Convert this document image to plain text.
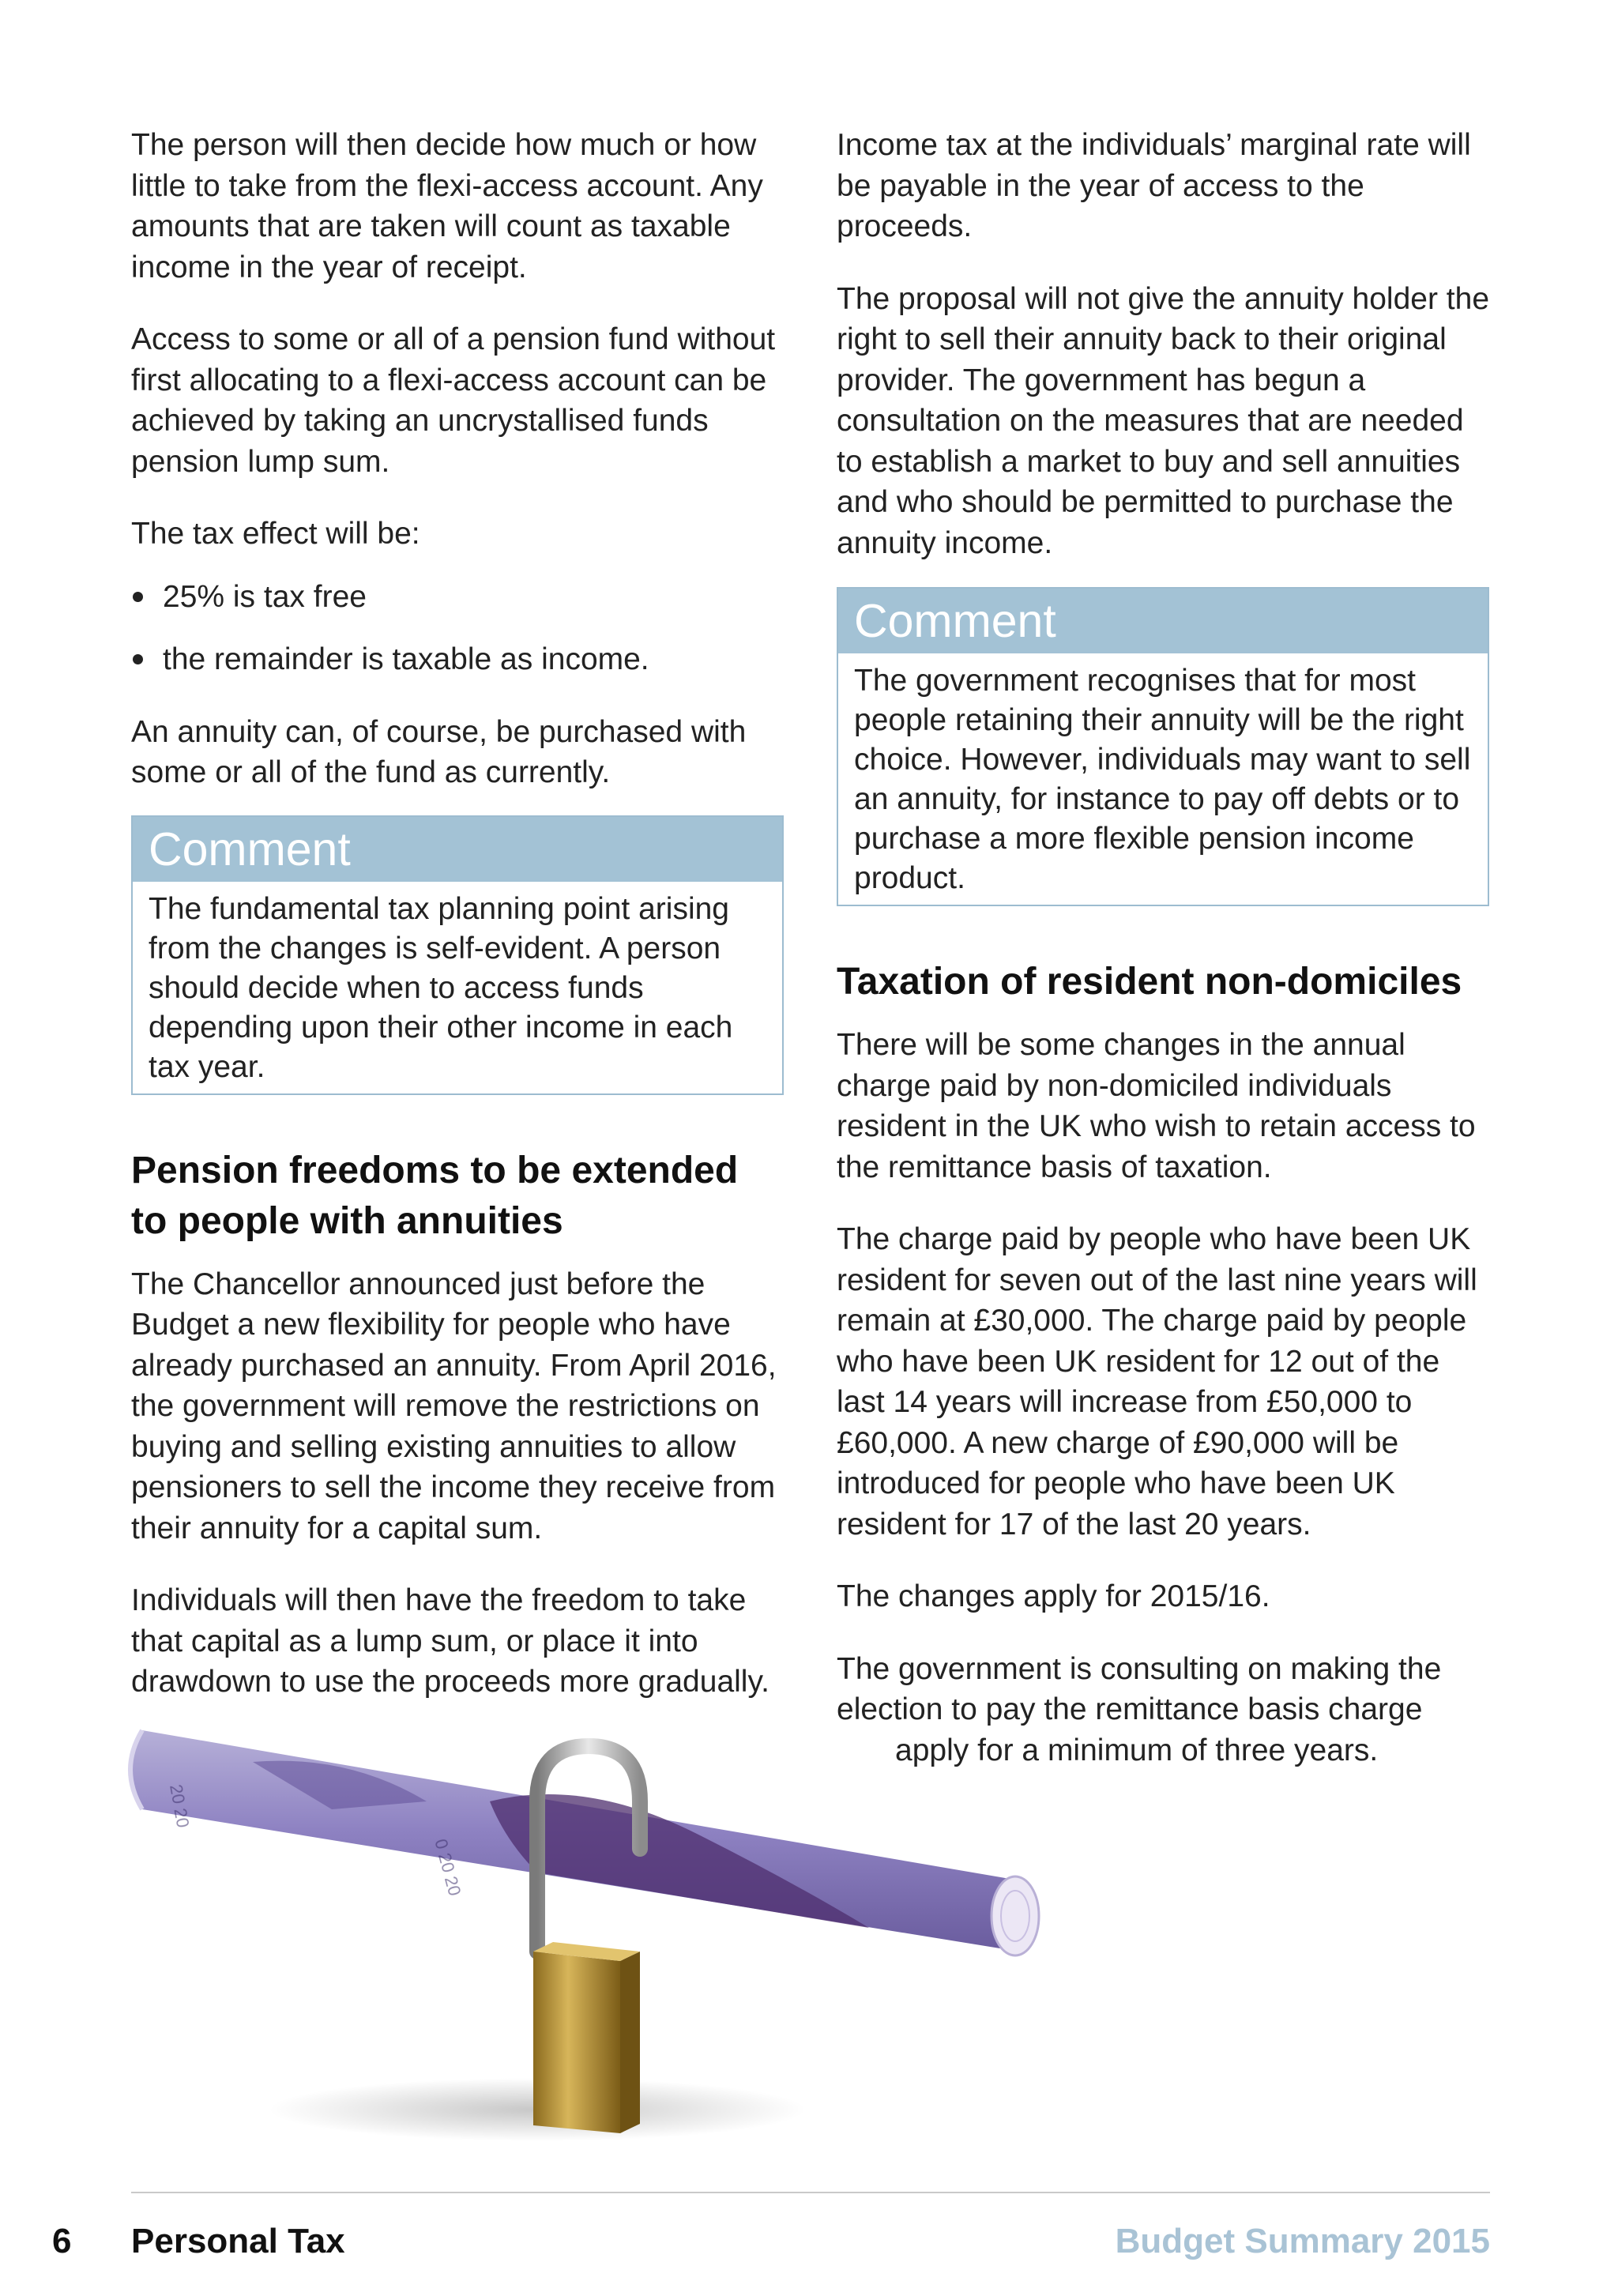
The person will then decide how much or how little to take from the flexi-access account. Any amounts that are taken will count as taxable income in the year of receipt.

Access to some or all of a pension fund without first allocating to a flexi-access account can be achieved by taking an uncrystallised funds pension lump sum.

The tax effect will be:

25% is tax free
the remainder is taxable as income.

An annuity can, of course, be purchased with some or all of the fund as currently.

Comment
The fundamental tax planning point arising from the changes is self-evident. A person should decide when to access funds depending upon their other income in each tax year.
Pension freedoms to be extended to people with annuities

The Chancellor announced just before the Budget a new flexibility for people who have already purchased an annuity. From April 2016, the government will remove the restrictions on buying and selling existing annuities to allow pensioners to sell the income they receive from their annuity for a capital sum.

Individuals will then have the freedom to take that capital as a lump sum, or place it into drawdown to use the proceeds more gradually.

Income tax at the individuals’ marginal rate will be payable in the year of access to the proceeds.

The proposal will not give the annuity holder the right to sell their annuity back to their original provider. The government has begun a consultation on the measures that are needed to establish a market to buy and sell annuities and who should be permitted to purchase the annuity income.

Comment
The government recognises that for most people retaining their annuity will be the right choice. However, individuals may want to sell an annuity, for instance to pay off debts or to purchase a more flexible pension income product.
Taxation of resident non-domiciles

There will be some changes in the annual charge paid by non-domiciled individuals resident in the UK who wish to retain access to the remittance basis of taxation.

The charge paid by people who have been UK resident for seven out of the last nine years will remain at £30,000. The charge paid by people who have been UK resident for 12 out of the last 14 years will increase from £50,000 to £60,000. A new charge of £90,000 will be introduced for people who have been UK resident for 17 of the last 20 years.

The changes apply for 2015/16.

The government is consulting on making the election to pay the remittance basis charge
apply for a minimum of three years.

20 20
0 20 20
6 Personal Tax	Budget Summary 2015
